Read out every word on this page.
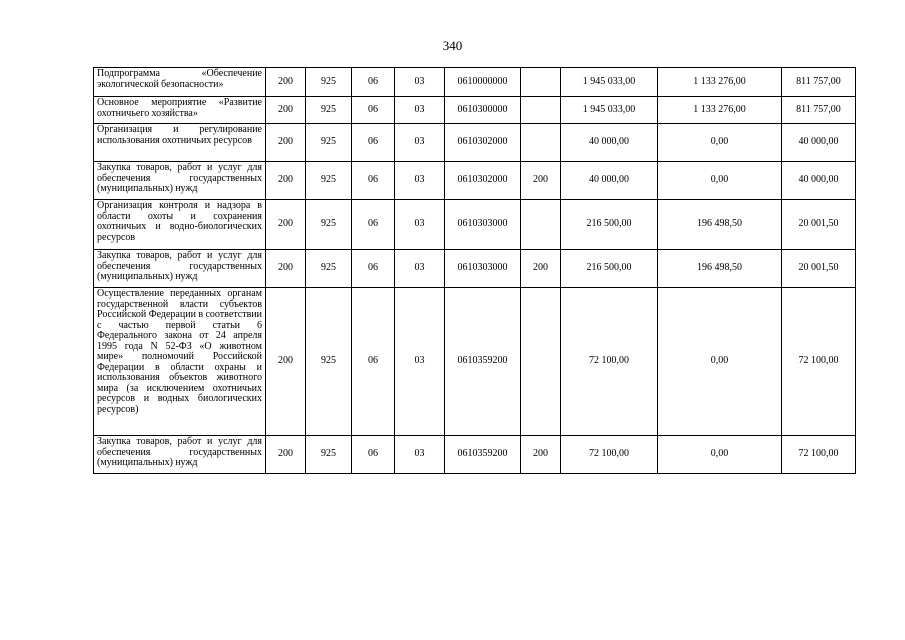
340
Подпрограмма «Обеспечение экологической безопасности»	200	925	06	03	0610000000		1 945 033,00	1 133 276,00	811 757,00
Основное мероприятие «Развитие охотничьего хозяйства»	200	925	06	03	0610300000		1 945 033,00	1 133 276,00	811 757,00
Организация и регулирование использования охотничьих ресурсов	200	925	06	03	0610302000		40 000,00	0,00	40 000,00
Закупка товаров, работ и услуг для обеспечения государственных (муниципальных) нужд	200	925	06	03	0610302000	200	40 000,00	0,00	40 000,00
Организация контроля и надзора в области охоты и сохранения охотничьих и водно-биологических ресурсов	200	925	06	03	0610303000		216 500,00	196 498,50	20 001,50
Закупка товаров, работ и услуг для обеспечения государственных (муниципальных) нужд	200	925	06	03	0610303000	200	216 500,00	196 498,50	20 001,50
Осуществление переданных органам государственной власти субъектов Российской Федерации в соответствии с частью первой статьи 6 Федерального закона от 24 апреля 1995 года N 52-ФЗ «О животном мире» полномочий Российской Федерации в области охраны и использования объектов животного мира (за исключением охотничьих ресурсов и водных биологических ресурсов)	200	925	06	03	0610359200		72 100,00	0,00	72 100,00
Закупка товаров, работ и услуг для обеспечения государственных (муниципальных) нужд	200	925	06	03	0610359200	200	72 100,00	0,00	72 100,00
